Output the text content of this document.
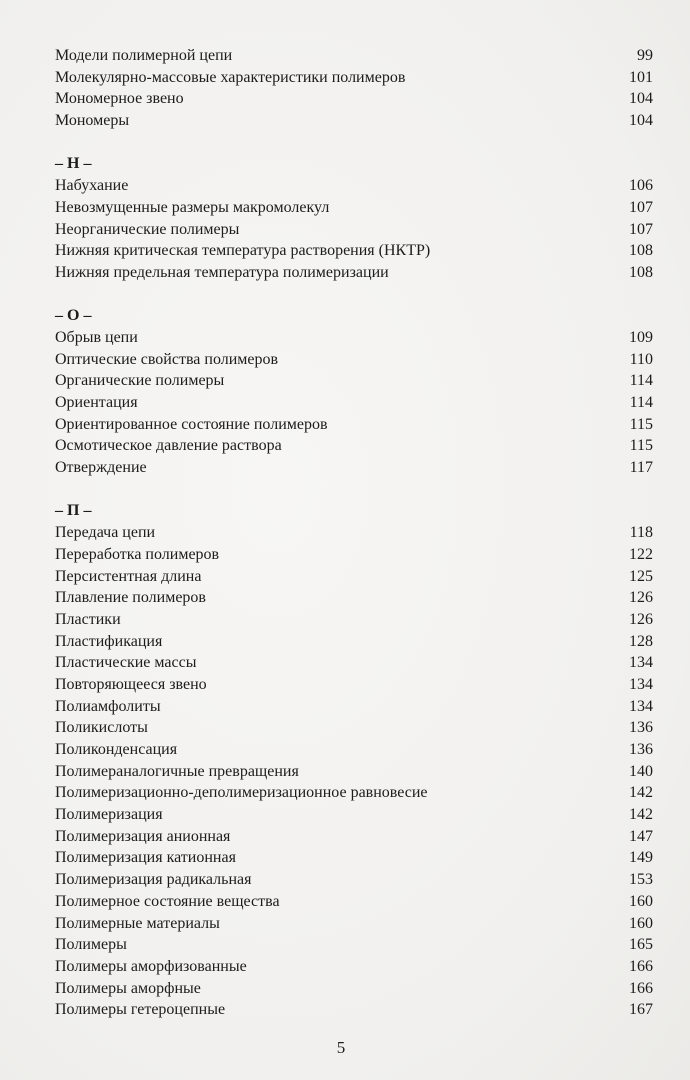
Модели полимерной цепи	99
Молекулярно-массовые характеристики полимеров	101
Мономерное звено	104
Мономеры	104
– Н –
Набухание	106
Невозмущенные размеры макромолекул	107
Неорганические полимеры	107
Нижняя критическая температура растворения (НКТР)	108
Нижняя предельная температура полимеризации	108
– О –
Обрыв цепи	109
Оптические свойства полимеров	110
Органические полимеры	114
Ориентация	114
Ориентированное состояние полимеров	115
Осмотическое давление раствора	115
Отверждение	117
– П –
Передача цепи	118
Переработка полимеров	122
Персистентная длина	125
Плавление полимеров	126
Пластики	126
Пластификация	128
Пластические массы	134
Повторяющееся звено	134
Полиамфолиты	134
Поликислоты	136
Поликонденсация	136
Полимераналогичные превращения	140
Полимеризационно-деполимеризационное равновесие	142
Полимеризация	142
Полимеризация анионная	147
Полимеризация катионная	149
Полимеризация радикальная	153
Полимерное состояние вещества	160
Полимерные материалы	160
Полимеры	165
Полимеры аморфизованные	166
Полимеры аморфные	166
Полимеры гетероцепные	167
5
